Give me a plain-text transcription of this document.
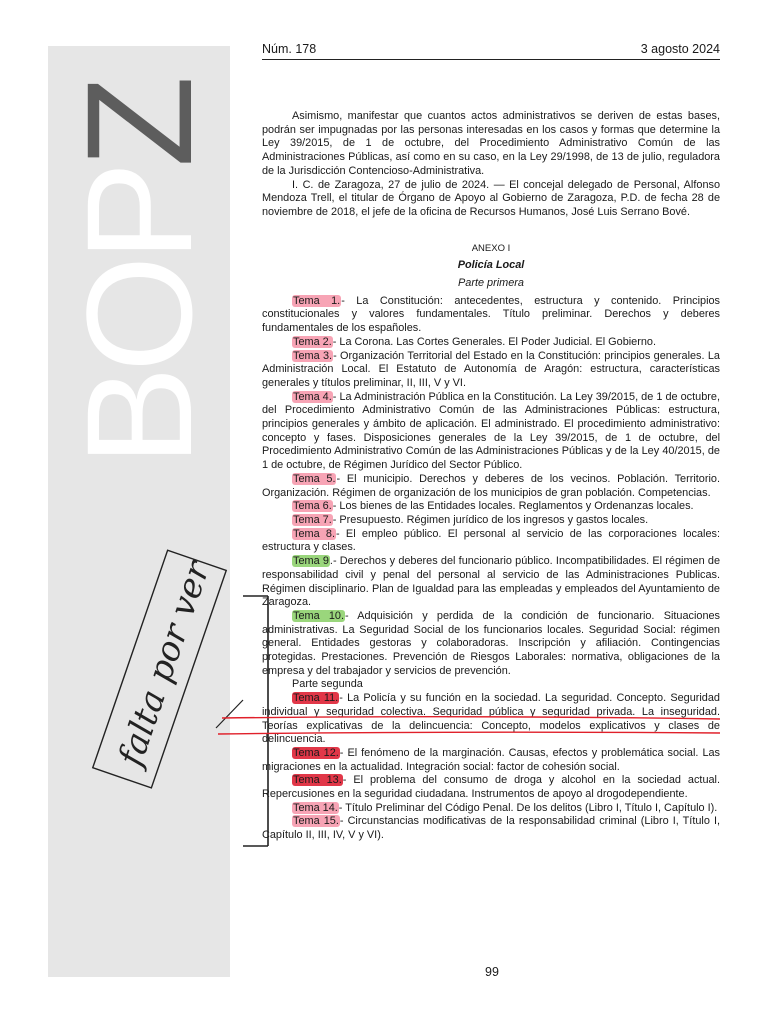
BOPZ
Núm. 178	3 agosto 2024

Asimismo, manifestar que cuantos actos administrativos se deriven de estas bases, podrán ser impugnadas por las personas interesadas en los casos y formas que determine la Ley 39/2015, de 1 de octubre, del Procedimiento Administrativo Común de las Administraciones Públicas, así como en su caso, en la Ley 29/1998, de 13 de julio, reguladora de la Jurisdicción Contencioso-Administrativa.

I. C. de Zaragoza, 27 de julio de 2024. — El concejal delegado de Personal, Alfonso Mendoza Trell, el titular de Órgano de Apoyo al Gobierno de Zaragoza, P.D. de fecha 28 de noviembre de 2018, el jefe de la oficina de Recursos Humanos, José Luis Serrano Bové.

ANEXO I

Policía Local

Parte primera

Tema 1.- La Constitución: antecedentes, estructura y contenido. Principios constitucionales y valores fundamentales. Título preliminar. Derechos y deberes fundamentales de los españoles.

Tema 2.- La Corona. Las Cortes Generales. El Poder Judicial. El Gobierno.

Tema 3.- Organización Territorial del Estado en la Constitución: principios generales. La Administración Local. El Estatuto de Autonomía de Aragón: estructura, características generales y títulos preliminar, II, III, V y VI.

Tema 4.- La Administración Pública en la Constitución. La Ley 39/2015, de 1 de octubre, del Procedimiento Administrativo Común de las Administraciones Públicas: estructura, principios generales y ámbito de aplicación. El administrado. El procedimiento administrativo: concepto y fases. Disposiciones generales de la Ley 39/2015, de 1 de octubre, del Procedimiento Administrativo Común de las Administraciones Públicas y de la Ley 40/2015, de 1 de octubre, de Régimen Jurídico del Sector Público.

Tema 5.- El municipio. Derechos y deberes de los vecinos. Población. Territorio. Organización. Régimen de organización de los municipios de gran población. Competencias.

Tema 6.- Los bienes de las Entidades locales. Reglamentos y Ordenanzas locales.

Tema 7.- Presupuesto. Régimen jurídico de los ingresos y gastos locales.

Tema 8.- El empleo público. El personal al servicio de las corporaciones locales: estructura y clases.

Tema 9.- Derechos y deberes del funcionario público. Incompatibilidades. El régimen de responsabilidad civil y penal del personal al servicio de las Administraciones Publicas. Régimen disciplinario. Plan de Igualdad para las empleadas y empleados del Ayuntamiento de Zaragoza.

Tema 10.- Adquisición y perdida de la condición de funcionario. Situaciones administrativas. La Seguridad Social de los funcionarios locales. Seguridad Social: régimen general. Entidades gestoras y colaboradoras. Inscripción y afiliación. Contingencias protegidas. Prestaciones. Prevención de Riesgos Laborales: normativa, obligaciones de la empresa y del trabajador y servicios de prevención.

Parte segunda

Tema 11.- La Policía y su función en la sociedad. La seguridad. Concepto. Seguridad individual y seguridad colectiva. Seguridad pública y seguridad privada. La inseguridad. Teorías explicativas de la delincuencia: Concepto, modelos explicativos y clases de delincuencia.

Tema 12.- El fenómeno de la marginación. Causas, efectos y problemática social. Las migraciones en la actualidad. Integración social: factor de cohesión social.

Tema 13.- El problema del consumo de droga y alcohol en la sociedad actual. Repercusiones en la seguridad ciudadana. Instrumentos de apoyo al drogodependiente.

Tema 14.- Título Preliminar del Código Penal. De los delitos (Libro I, Título I, Capítulo I).

Tema 15.- Circunstancias modificativas de la responsabilidad criminal (Libro I, Título I, Capítulo II, III, IV, V y VI).

falta por ver
99
